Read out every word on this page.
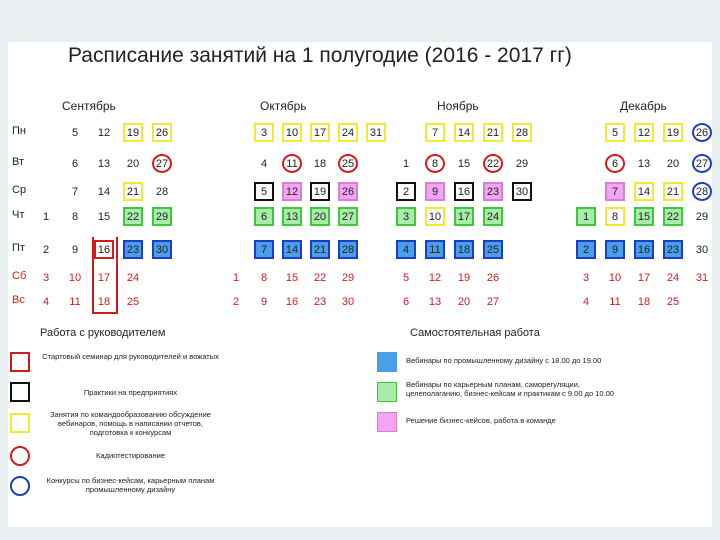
Расписание занятий на 1 полугодие (2016 - 2017 гг)
Пн
Вт
Ср
Чт
Пт
Сб
Вс
Сентябрь
1
2
3
4
5
6
7
8
9
10
11
12
13
14
15
16
17
18
19
20
21
22
23
24
25
26
27
28
29
30
Октябрь
1
2
3
4
5
6
7
8
9
10
11
12
13
14
15
16
17
18
19
20
21
22
23
24
25
26
27
28
29
30
31
Ноябрь
1
2
3
4
5
6
7
8
9
10
11
12
13
14
15
16
17
18
19
20
21
22
23
24
25
26
27
28
29
30
Декабрь
1
2
3
4
5
6
7
8
9
10
11
12
13
14
15
16
17
18
19
20
21
22
23
24
25
26
27
28
29
30
31
Работа с руководителем	Самостоятельная работа
Стартовый семинар для руководителей и вожатых
Практики на предприятиях
Занятия по командообразованию обсуждение вебинаров, помощь в написании отчетов, подготовка к конкурсам
Кадиотестирование
Конкурсы по бизнес-кейсам, карьерным планам промышленному дизайну
Вебинары по промышленному дизайну с 18.00 до 19.00
Вебинары по карьерным планам, саморегуляции, целеполаганию, бизнес-кейсам и практикам с 9.00 до 10.00
Решение бизнес-кейсов, работа в команде
